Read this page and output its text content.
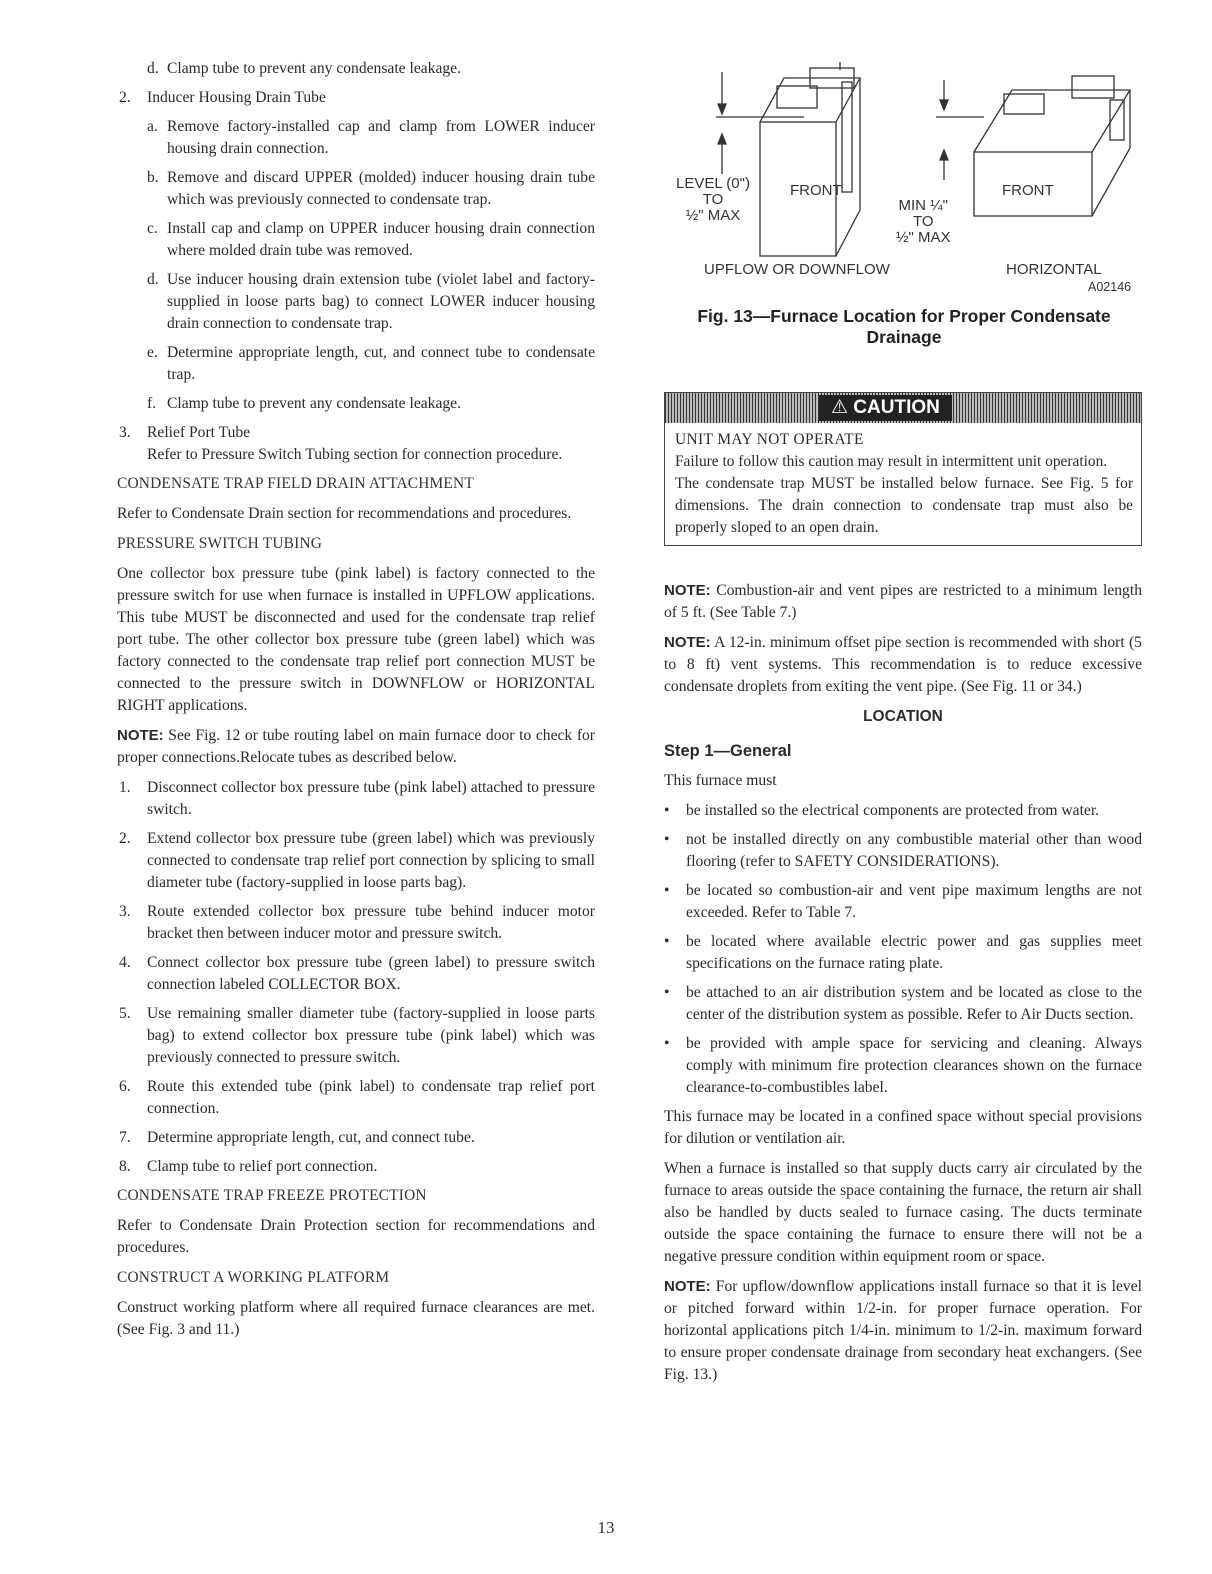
d. Clamp tube to prevent any condensate leakage.
2.	Inducer Housing Drain Tube
a. Remove factory-installed cap and clamp from LOWER inducer housing drain connection.
b. Remove and discard UPPER (molded) inducer housing drain tube which was previously connected to condensate trap.
c. Install cap and clamp on UPPER inducer housing drain connection where molded drain tube was removed.
d. Use inducer housing drain extension tube (violet label and factory-supplied in loose parts bag) to connect LOWER inducer housing drain connection to condensate trap.
e. Determine appropriate length, cut, and connect tube to condensate trap.
f. Clamp tube to prevent any condensate leakage.
3.	Relief Port Tube
Refer to Pressure Switch Tubing section for connection procedure.
CONDENSATE TRAP FIELD DRAIN ATTACHMENT

Refer to Condensate Drain section for recommendations and procedures.

PRESSURE SWITCH TUBING

One collector box pressure tube (pink label) is factory connected to the pressure switch for use when furnace is installed in UPFLOW applications. This tube MUST be disconnected and used for the condensate trap relief port tube. The other collector box pressure tube (green label) which was factory connected to the condensate trap relief port connection MUST be connected to the pressure switch in DOWNFLOW or HORIZONTAL RIGHT applications.

NOTE: See Fig. 12 or tube routing label on main furnace door to check for proper connections.Relocate tubes as described below.

1.	Disconnect collector box pressure tube (pink label) attached to pressure switch.
2.	Extend collector box pressure tube (green label) which was previously connected to condensate trap relief port connection by splicing to small diameter tube (factory-supplied in loose parts bag).
3.	Route extended collector box pressure tube behind inducer motor bracket then between inducer motor and pressure switch.
4.	Connect collector box pressure tube (green label) to pressure switch connection labeled COLLECTOR BOX.
5.	Use remaining smaller diameter tube (factory-supplied in loose parts bag) to extend collector box pressure tube (pink label) which was previously connected to pressure switch.
6.	Route this extended tube (pink label) to condensate trap relief port connection.
7.	Determine appropriate length, cut, and connect tube.
8.	Clamp tube to relief port connection.
CONDENSATE TRAP FREEZE PROTECTION

Refer to Condensate Drain Protection section for recommendations and procedures.

CONSTRUCT A WORKING PLATFORM

Construct working platform where all required furnace clearances are met. (See Fig. 3 and 11.)

FRONT	FRONT
LEVEL (0")
TO
½" MAX
MIN ¼"
TO
½" MAX
UPFLOW OR DOWNFLOW	HORIZONTAL
A02146
Fig. 13—Furnace Location for Proper Condensate Drainage
⚠ CAUTION
UNIT MAY NOT OPERATE
Failure to follow this caution may result in intermittent unit operation.
The condensate trap MUST be installed below furnace. See Fig. 5 for dimensions. The drain connection to condensate trap must also be properly sloped to an open drain.

NOTE: Combustion-air and vent pipes are restricted to a minimum length of 5 ft. (See Table 7.)

NOTE: A 12-in. minimum offset pipe section is recommended with short (5 to 8 ft) vent systems. This recommendation is to reduce excessive condensate droplets from exiting the vent pipe. (See Fig. 11 or 34.)

LOCATION
Step 1—General

This furnace must

•	be installed so the electrical components are protected from water.
•	not be installed directly on any combustible material other than wood flooring (refer to SAFETY CONSIDERATIONS).
•	be located so combustion-air and vent pipe maximum lengths are not exceeded. Refer to Table 7.
•	be located where available electric power and gas supplies meet specifications on the furnace rating plate.
•	be attached to an air distribution system and be located as close to the center of the distribution system as possible. Refer to Air Ducts section.
•	be provided with ample space for servicing and cleaning. Always comply with minimum fire protection clearances shown on the furnace clearance-to-combustibles label.

This furnace may be located in a confined space without special provisions for dilution or ventilation air.

When a furnace is installed so that supply ducts carry air circulated by the furnace to areas outside the space containing the furnace, the return air shall also be handled by ducts sealed to furnace casing. The ducts terminate outside the space containing the furnace to ensure there will not be a negative pressure condition within equipment room or space.

NOTE: For upflow/downflow applications install furnace so that it is level or pitched forward within 1/2-in. for proper furnace operation. For horizontal applications pitch 1/4-in. minimum to 1/2-in. maximum forward to ensure proper condensate drainage from secondary heat exchangers. (See Fig. 13.)

13
